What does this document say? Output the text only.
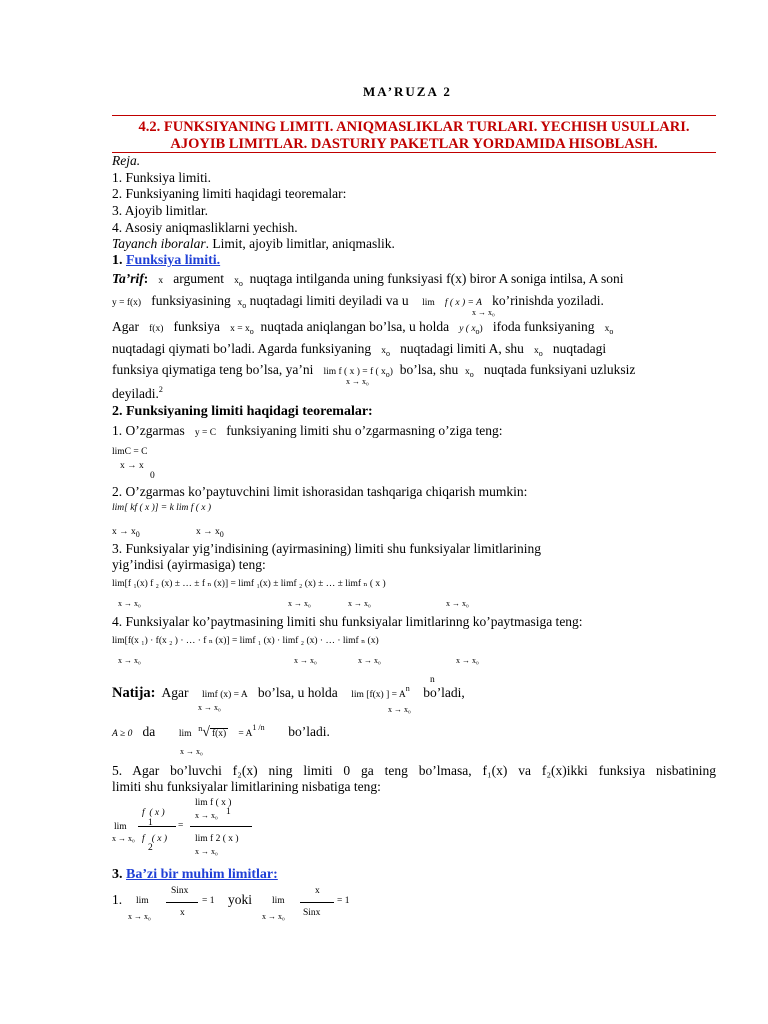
MA’RUZA 2
4.2. FUNKSIYANING LIMITI. ANIQMASLIKLAR TURLARI. YECHISH USULLARI.
AJOYIB LIMITLAR. DASTURIY PAKETLAR YORDAMIDA HISOBLASH.
Reja.
1. Funksiya limiti.
2. Funksiyaning limiti haqidagi teoremalar:
3. Ajoyib limitlar.
4. Asosiy aniqmasliklarni yechish.
Tayanch iboralar. Limit, ajoyib limitlar, aniqmaslik.
1. Funksiya limiti.
Ta’rif: x argument $x_o$ nuqtaga intilganda uning funksiyasi f(x) biror A soniga intilsa, A soni
y = f(x) funksiyasining $x_o$ nuqtadagi limiti deyiladi va u lim f ( x ) = A ko’rinishda yoziladi.
x → x₀
Agar f(x) funksiya $x = x_o$ nuqtada aniqlangan bo’lsa, u holda y ( $x_o$) ifoda funksiyaning $x_o$
nuqtadagi qiymati bo’ladi. Agarda funksiyaning $x_o$ nuqtadagi limiti A, shu $x_o$ nuqtadagi
funksiya qiymatiga teng bo’lsa, ya’ni lim f ( x ) = f ( $x_o$) bo’lsa, shu $x_o$ nuqtada funksiyani uzluksiz
x → x₀
deyiladi.$^2$
2. Funksiyaning limiti haqidagi teoremalar:
1. O’zgarmas y = C funksiyaning limiti shu o’zgarmasning o’ziga teng:
limC = C
x → x
0
2. O’zgarmas ko’paytuvchini limit ishorasidan tashqariga chiqarish mumkin:
lim[ kf ( x )] = k lim f ( x )
$x \to x_0$	$x \to x_0$
3. Funksiyalar yig’indisining (ayirmasining) limiti shu funksiyalar limitlarining
yig’indisi (ayirmasiga) teng:
lim[f ₁(x) f ₂ (x) ± … ± f ₙ (x)] = limf ₁(x) ± limf ₂ (x) ± … ± limf ₙ ( x )
x → x₀	x → x₀	x → x₀	x → x₀
4. Funksiyalar ko’paytmasining limiti shu funksiyalar limitlarinng ko’paytmasiga teng:
lim[f(x ₁) · f(x ₂ ) · … · f ₙ (x)] = limf ₁ (x) · limf ₂ (x) · … · limf ₙ (x)
x → x₀	x → x₀	x → x₀	x → x₀
n
Natija: Agar limf (x) = A bo’lsa, u holda lim [f(x) ] = $A^n$ bo’ladi,
x → x₀	x → x₀
A ≥ 0 da lim  $^n$√ $f(x) = A^{1 /n}$ bo’ladi.
x → x₀
5. Agar bo’luvchi f₂(x) ning limiti 0 ga teng bo’lmasa, f₁(x) va f₂(x)ikki funksiya nisbatining
limiti shu funksiyalar limitlarining nisbatiga teng:
lim f ( x )
x → x₀ 1
f ( x )
1	=
lim
x → x₀ f ( x )
2
lim f 2 ( x )
x → x₀
3. Ba’zi bir muhim limitlar:
Sinx
1. lim	= 1 yoki
x
x → x₀
x
lim	= 1
Sinx
x → x₀
